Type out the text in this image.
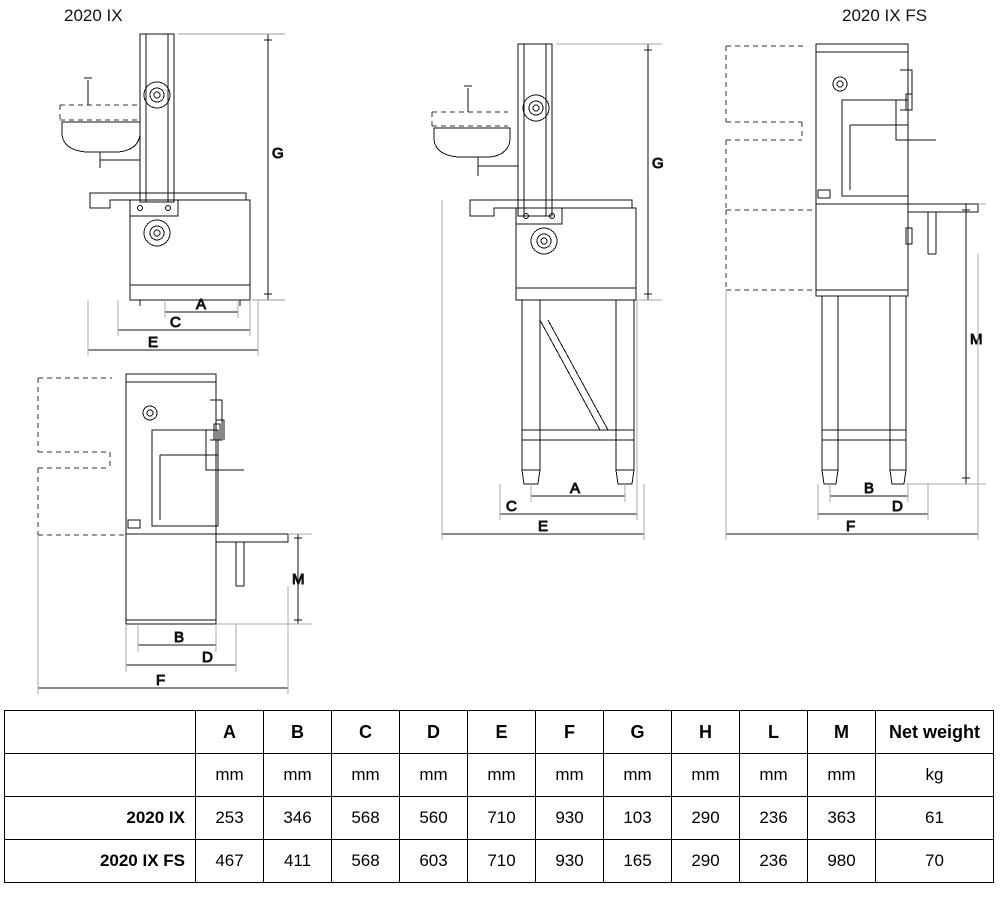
2020 IX	2020 IX FS
G
A
C
E
M
B
D
F
G
A
C
E
M
B
D
F
	A	B	C	D	E	F	G	H	L	M	Net weight
	mm	mm	mm	mm	mm	mm	mm	mm	mm	mm	kg
2020 IX	253	346	568	560	710	930	103	290	236	363	61
2020 IX FS	467	411	568	603	710	930	165	290	236	980	70
